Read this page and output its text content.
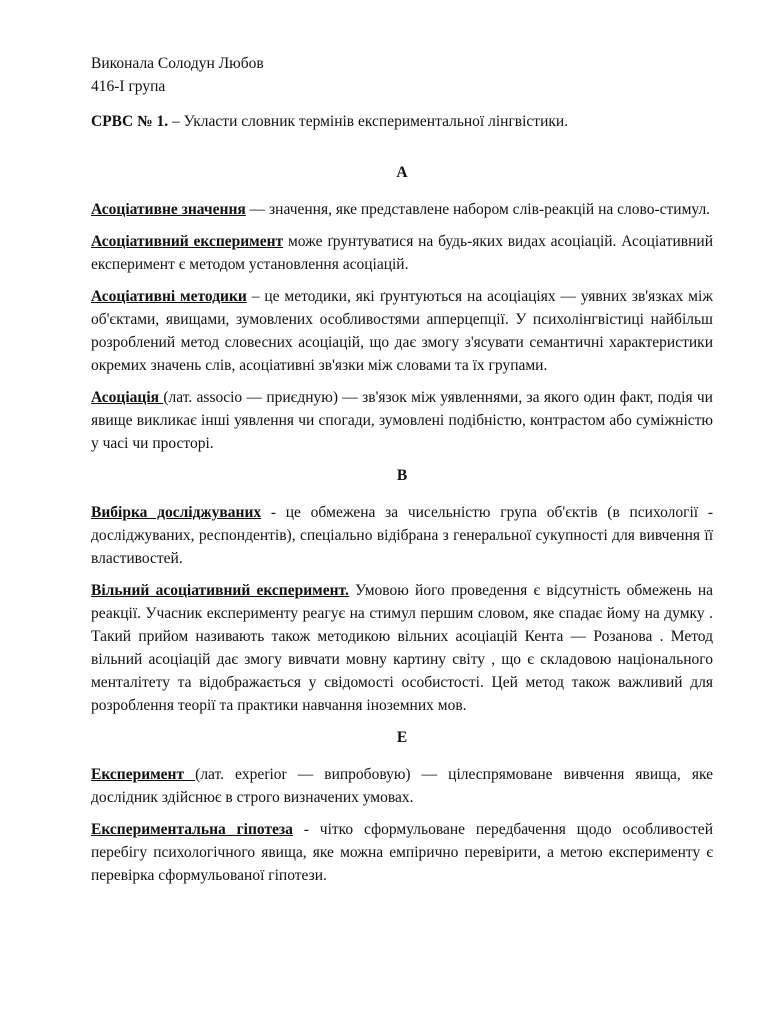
Виконала Солодун Любов

416-І група

СРВС № 1. – Укласти словник термінів експериментальної лінгвістики.

А

Асоціативне значення — значення, яке представлене набором слів-реакцій на слово-стимул.

Асоціативний експеримент може ґрунтуватися на будь-яких видах асоціацій. Асоціативний експеримент є методом установлення асоціацій.

Асоціативні методики – це методики, які ґрунтуються на асоціаціях — уявних зв'язках між об'єктами, явищами, зумовлених особливостями апперцепції. У психолінгвістиці найбільш розроблений метод словесних асоціацій, що дає змогу з'ясувати семантичні характеристики окремих значень слів, асоціативні зв'язки між словами та їх групами.

Асоціація (лат. associo — приєдную) — зв'язок між уявленнями, за якого один факт, подія чи явище викликає інші уявлення чи спогади, зумовлені подібністю, контрастом або суміжністю у часі чи просторі.

В

Вибірка досліджуваних - це обмежена за чисельністю група об'єктів (в психології - досліджуваних, респондентів), спеціально відібрана з генеральної сукупності для вивчення її властивостей.

Вільний асоціативний експеримент. Умовою його проведення є відсутність обмежень на реакції. Учасник експерименту реагує на стимул першим словом, яке спадає йому на думку . Такий прийом називають також методикою вільних асоціацій Кента — Розанова . Метод вільний асоціацій дає змогу вивчати мовну картину світу , що є складовою національного менталітету та відображається у свідомості особистості. Цей метод також важливий для розроблення теорії та практики навчання іноземних мов.

Е

Експеримент (лат. experior — випробовую) — цілеспрямоване вивчення явища, яке дослідник здійснює в строго визначених умовах.

Експериментальна гіпотеза - чітко сформульоване передбачення щодо особливостей перебігу психологічного явища, яке можна емпірично перевірити, а метою експерименту є перевірка сформульованої гіпотези.
